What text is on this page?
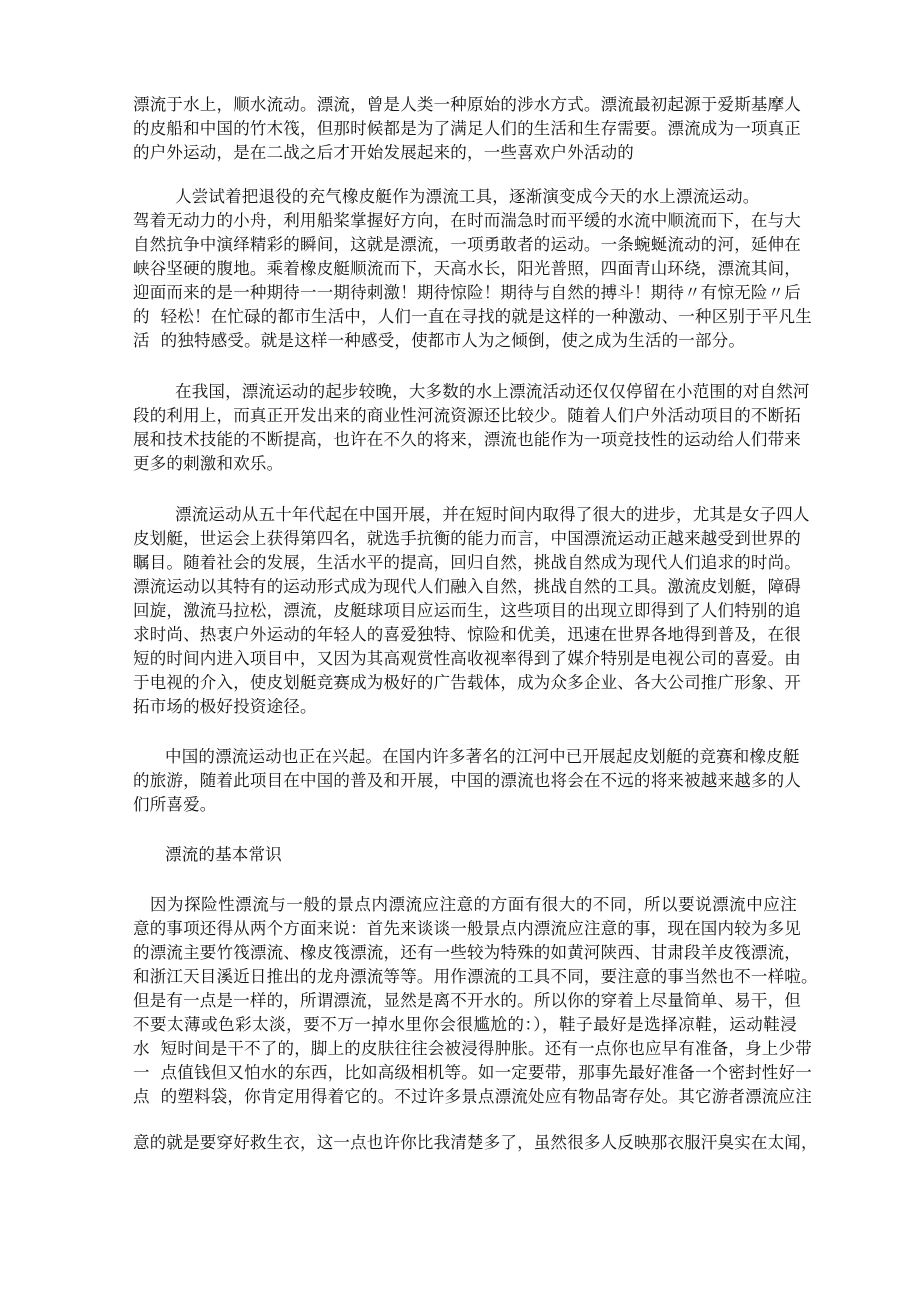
漂流于水上，顺水流动。漂流，曾是人类一种原始的涉水方式。漂流最初起源于爱斯基摩人
的皮船和中国的竹木筏，但那时候都是为了满足人们的生活和生存需要。漂流成为一项真正
的户外运动，是在二战之后才开始发展起来的，一些喜欢户外活动的
人尝试着把退役的充气橡皮艇作为漂流工具，逐渐演变成今天的水上漂流运动。
驾着无动力的小舟，利用船桨掌握好方向，在时而湍急时而平缓的水流中顺流而下，在与大
自然抗争中演绎精彩的瞬间，这就是漂流，一项勇敢者的运动。一条蜿蜒流动的河，延伸在
峡谷坚硬的腹地。乘着橡皮艇顺流而下，天高水长，阳光普照，四面青山环绕，漂流其间，
迎面而来的是一种期待一一期待刺激！期待惊险！期待与自然的搏斗！期待〃有惊无险〃后
的  轻松！在忙碌的都市生活中，人们一直在寻找的就是这样的一种激动、一种区别于平凡生
活  的独特感受。就是这样一种感受，使都市人为之倾倒，使之成为生活的一部分。
在我国，漂流运动的起步较晚，大多数的水上漂流活动还仅仅停留在小范围的对自然河
段的利用上，而真正开发出来的商业性河流资源还比较少。随着人们户外活动项目的不断拓
展和技术技能的不断提高，也许在不久的将来，漂流也能作为一项竞技性的运动给人们带来
更多的刺激和欢乐。
漂流运动从五十年代起在中国开展，并在短时间内取得了很大的进步，尤其是女子四人
皮划艇，世运会上获得第四名，就选手抗衡的能力而言，中国漂流运动正越来越受到世界的
瞩目。随着社会的发展，生活水平的提高，回归自然，挑战自然成为现代人们追求的时尚。
漂流运动以其特有的运动形式成为现代人们融入自然，挑战自然的工具。激流皮划艇，障碍
回旋，激流马拉松，漂流，皮艇球项目应运而生，这些项目的出现立即得到了人们特别的追
求时尚、热衷户外运动的年轻人的喜爱独特、惊险和优美，迅速在世界各地得到普及，在很
短的时间内进入项目中，又因为其高观赏性高收视率得到了媒介特别是电视公司的喜爱。由
于电视的介入，使皮划艇竞赛成为极好的广告载体，成为众多企业、各大公司推广形象、开
拓市场的极好投资途径。
中国的漂流运动也正在兴起。在国内许多著名的江河中已开展起皮划艇的竞赛和橡皮艇
的旅游，随着此项目在中国的普及和开展，中国的漂流也将会在不远的将来被越来越多的人
们所喜爱。
漂流的基本常识
因为探险性漂流与一般的景点内漂流应注意的方面有很大的不同，所以要说漂流中应注
意的事项还得从两个方面来说：首先来谈谈一般景点内漂流应注意的事，现在国内较为多见
的漂流主要竹筏漂流、橡皮筏漂流，还有一些较为特殊的如黄河陕西、甘肃段羊皮筏漂流，
和浙江天目溪近日推出的龙舟漂流等等。用作漂流的工具不同，要注意的事当然也不一样啦。
但是有一点是一样的，所谓漂流，显然是离不开水的。所以你的穿着上尽量简单、易干，但
不要太薄或色彩太淡，要不万一掉水里你会很尴尬的：），鞋子最好是选择凉鞋，运动鞋浸
水  短时间是干不了的，脚上的皮肤往往会被浸得肿胀。还有一点你也应早有准备，身上少带
一  点值钱但又怕水的东西，比如高级相机等。如一定要带，那事先最好准备一个密封性好一
点  的塑料袋，你肯定用得着它的。不过许多景点漂流处应有物品寄存处。其它游者漂流应注
意的就是要穿好救生衣，这一点也许你比我清楚多了，虽然很多人反映那衣服汗臭实在太闻，
